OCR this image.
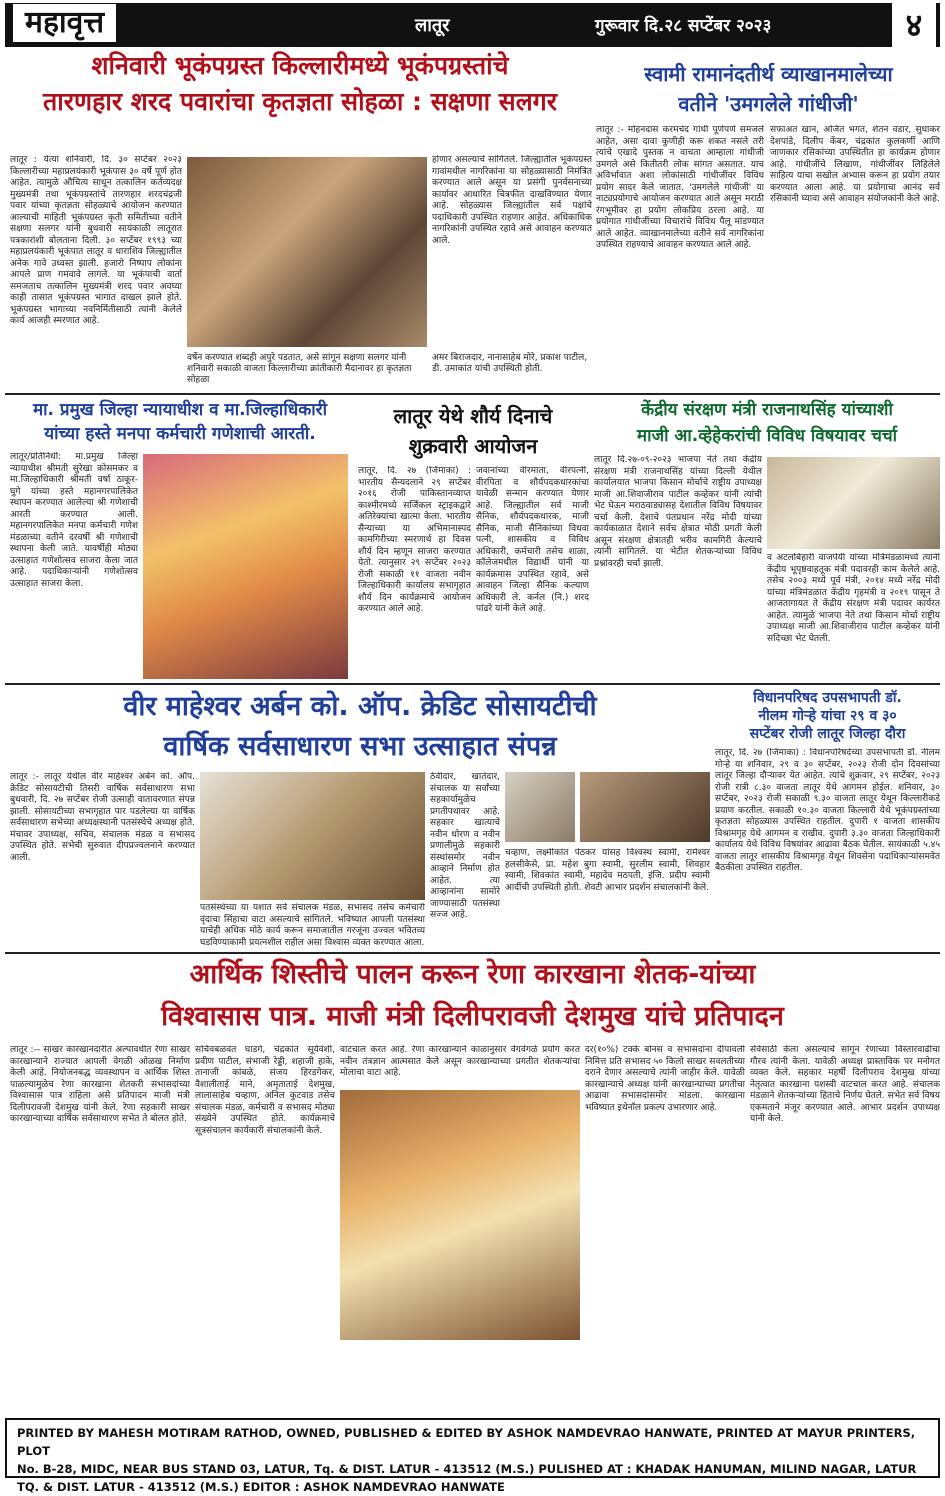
महावृत्त	लातूर	गुरूवार दि.२८ सप्टेंबर २०२३	४
शनिवारी भूकंपग्रस्त किल्लारीमध्ये भूकंपग्रस्तांचे
तारणहार शरद पवारांचा कृतज्ञता सोहळा : सक्षणा सलगर
लातूर : येत्या शनिवारी, दि. ३० सप्टेंबर २०२३ किल्लारीच्या महाप्रलयंकारी भूकंपास ३० वर्षे पूर्ण होत आहेत. त्यामुळे औचित्य साधून तत्कालिन कर्तव्यदक्ष मुख्यमंत्री तथा भूकंपग्रस्तांचे तारणहार शरदचंद्रजी पवार यांच्या कृतज्ञता सोहळ्याचे आयोजन करण्यात आल्याची माहिती भूकंपग्रस्त कृती समितीच्या वतीने सक्षणा सलगर यांनी बुधवारी सायंकाळी लातूरात पत्रकारांशी बोलताना दिली. ३० सप्टेंबर १९९३ च्या महाप्रलयंकारी भूकंपात लातूर व धाराशिव जिल्ह्यातील अनेक गावे उध्वस्त झाली. हजारो निष्पाप लोकांना आपले प्राण गमवावे लागले. या भूकंपाची वार्ता समजताच तत्कालिन मुख्यमंत्री शरद पवार अवघ्या काही तासात भूकंपग्रस्त भागात दाखल झाले होते. भूकंपग्रस्त भागाच्या नवनिर्मितीसाठी त्यांनी केलेले कार्य आजही स्मरणात आहे.
होणार असल्याचे सांगितले. जिल्ह्यातील भूकंपग्रस्त गावांमधील नागरिकांना या सोहळ्यासाठी निमंत्रित करण्यात आले असून या प्रसंगी पुनर्वसनाच्या कार्यावर आधारित चित्रफीत दाखविण्यात येणार आहे. सोहळ्यास जिल्ह्यातील सर्व पक्षांचे पदाधिकारी उपस्थित राहणार आहेत. अधिकाधिक नागरिकांनी उपस्थित रहावे असे आवाहन करण्यात आले.
वर्षेन करण्यात शब्दही अपुरे पडतात, असे सांगून सक्षणा सलगर यांनी शनिवारी सकाळी वाजता किल्लारीच्या क्रांतीकारी मैदानावर हा कृतज्ञता सोहळा
अमर बिराजदार, नानासाहेब मोरे, प्रकाश पाटील, डी. उमाकांत यांची उपस्थिती होती.
स्वामी रामानंदतीर्थ व्याखानमालेच्या
वतीने 'उमगलेले गांधीजी'
लातूर :- मोहनदास करमचंद गांधी पूर्णपणे समजले आहेत, असा दावा कुणीही करू शकत नसले तरी त्यांचे एखादे पुस्तक न वाचता आम्हाला गांधीजी उमगले असे कितीतरी लोक सांगत असतात. याच अविर्भावात अशा लोकांसाठी गांधीजींवर विविध प्रयोग सादर केले जातात. 'उमगलेले गांधीजी' या नाट्यप्रयोगाचे आयोजन करण्यात आले असून मराठी रंगभूमीवर हा प्रयोग लोकप्रिय ठरला आहे. या प्रयोगात गांधीजींच्या विचारांचे विविध पैलू मांडण्यात आले आहेत. व्याखानमालेच्या वतीने सर्व नागरिकांना उपस्थित राहण्याचे आवाहन करण्यात आले आहे.
सफाअत खान, अजित भगत, शेतन वडार, सुधाकर देशपांडे, दिलीप केंबर, चंद्रकांत कुलकर्णी आणि जाणकार रसिकांच्या उपस्थितीत हा कार्यक्रम होणार आहे. गांधीजींचे लिखाण, गांधीजींवर लिहिलेले साहित्य याचा सखोल अभ्यास करून हा प्रयोग तयार करण्यात आला आहे. या प्रयोगाचा आनंद सर्व रसिकांनी घ्यावा असे आवाहन संयोजकांनी केले आहे.
मा. प्रमुख जिल्हा न्यायाधीश व मा.जिल्हाधिकारी
यांच्या हस्ते मनपा कर्मचारी गणेशाची आरती.
लातूर/प्रतिनिधी: मा.प्रमुख जिल्हा न्यायाधीश श्रीमती सुरेखा कोसमकर व मा.जिल्हाधिकारी श्रीमती वर्षा ठाकूर-घुगे यांच्या हस्ते महानगरपालिकेत स्थापन करण्यात आलेल्या श्री गणेशाची आरती करण्यात आली. महानगरपालिकेत मनपा कर्मचारी गणेश मंडळाच्या वतीने दरवर्षी श्री गणेशाची स्थापना केली जाते. यावर्षीही मोठ्या उत्साहात गणेशोत्सव साजरा केला जात आहे. पदाधिकाऱ्यांनी गणेशोत्सव उत्साहात साजरा केला.
लातूर येथे शौर्य दिनाचे
शुक्रवारी आयोजन
लातूर, दि. २७ (जिमाका) : भारतीय सैन्यदलाने २९ सप्टेंबर २०१६ रोजी पाकिस्तानव्याप्त काश्मीरमध्ये सर्जिकल स्ट्राइकद्वारे अतिरेक्यांचा खात्मा केला. भारतीय सैन्याच्या या अभिमानास्पद कामगिरीच्या स्मरणार्थ हा दिवस शौर्य दिन म्हणून साजरा करण्यात येतो. त्यानुसार २९ सप्टेंबर २०२३ रोजी सकाळी ११ वाजता नवीन जिल्हाधिकारी कार्यालय सभागृहात शौर्य दिन कार्यक्रमाचे आयोजन करण्यात आले आहे.
जवानांच्या वीरमाता, वीरपत्नी, वीरपिता व शौर्यपदकधारकांचा यावेळी सन्मान करण्यात येणार आहे. जिल्ह्यातील सर्व माजी सैनिक, शौर्यपदकधारक, माजी सैनिक, माजी सैनिकांच्या विधवा पत्नी, शासकीय व विविध अधिकारी, कर्मचारी तसेच शाळा, कॉलेजमधील विद्यार्थी यांनी या कार्यक्रमास उपस्थित रहावे, असे आवाहन जिल्हा सैनिक कल्याण अधिकारी ले. कर्नल (नि.) शरद पांढरे यांनी केले आहे.
केंद्रीय संरक्षण मंत्री राजनाथसिंह यांच्याशी
माजी आ.व्हेहेकरांची विविध विषयावर चर्चा
लातूर दि.२७-०९-२०२३ भाजपा नेते तथा केंद्रीय संरक्षण मंत्री राजनाथसिंह यांच्या दिल्ली येथील कार्यालयात भाजपा किसान मोर्चाचे राष्ट्रीय उपाध्यक्ष माजी आ.शिवाजीराव पाटील कव्हेकर यांनी त्यांची भेट घेऊन मराठवाड्यासह देशातील विविध विषयावर चर्चा केली. देशाचे पंतप्रधान नरेंद्र मोदी यांच्या कार्यकाळात देशाने सर्वच क्षेत्रात मोठी प्रगती केली असून संरक्षण क्षेत्रातही भरीव कामगिरी केल्याचे त्यांनी सांगितले. या भेटीत शेतकऱ्यांच्या विविध प्रश्नांवरही चर्चा झाली.
व अटलबिहारी वाजपेयी यांच्या मंत्रिमंडळामध्ये त्यांनी केंद्रीय भूपृष्ठवाहतूक मंत्री पदावरही काम केलेले आहे. तसेच २००३ मध्ये पूर्व मंत्री, २०१४ मध्ये नरेंद्र मोदी यांच्या मंत्रिमंडळात केंद्रीय गृहमंत्री व २०१९ पासून ते आजतागायत ते केंद्रीय संरक्षण मंत्री पदावर कार्यरत आहेत. त्यामुळे भाजपा नेते तथा किसान मोर्चा राष्ट्रीय उपाध्यक्ष माजी आ.शिवाजीराव पाटील कव्हेकर यांनी सदिच्छा भेट घेतली.
वीर माहेश्वर अर्बन को. ऑप. क्रेडिट सोसायटीची
वार्षिक सर्वसाधारण सभा उत्साहात संपन्न
लातूर :- लातूर येथील वीर माहेश्वर अर्बन को. ऑप. क्रेडिट सोसायटीची तिसरी वार्षिक सर्वसाधारण सभा बुधवारी, दि. २७ सप्टेंबर रोजी उत्साही वातावरणात संपन्न झाली. सोसायटीच्या सभागृहात पार पडलेल्या या वार्षिक सर्वसाधारण सभेच्या अध्यक्षस्थानी पतसंस्थेचे अध्यक्ष होते. मंचावर उपाध्यक्ष, सचिव, संचालक मंडळ व सभासद उपस्थित होते. सभेची सुरुवात दीपप्रज्वलनाने करण्यात आली.
पतसंस्थेच्या या यशात सर्व संचालक मंडळ, सभासद तसेच कर्मचारी वृंदाचा सिंहाचा वाटा असल्याचे सांगितले. भविष्यात आपली पतसंस्था याचेही अधिक मोठे कार्य करून समाजातील गरजूंना उज्वल भवितव्य घडविण्याकामी प्रयत्नशील राहील असा विश्वास व्यक्त करण्यात आला.
ठेवीदार, खातेदार, संचालक या सर्वांच्या सहकार्यामुळेच प्रगतीपथावर आहे. सहकार खात्याचे नवीन धोरण व नवीन प्रणालीमुळे सहकारी संस्थांसमोर नवीन आव्हाने निर्माण होत आहेत. त्या आव्हानांना सामोरे जाण्यासाठी पतसंस्था सज्ज आहे.
चव्हाण, लक्ष्मीकांत पेठकर यांसह विश्वस्थ स्वामी, रामेश्वर हलसीकेसे, प्रा. महेश बुगा स्वामी, सुरलीम स्वामी, शिवहार स्वामी, शिवकांत स्वामी, महादेव मठपती, इंजि. प्रदीप स्वामी आदींची उपस्थिती होती. शेवटी आभार प्रदर्शन संचालकांनी केले.
विधानपरिषद उपसभापती डॉ.
नीलम गोऱ्हे यांचा २९ व ३०
सप्टेंबर रोजी लातूर जिल्हा दौरा
लातूर, दि. २७ (जिमाका) : विधानपरिषदेच्या उपसभापती डॉ. नीलम गोऱ्हे या शनिवार, २९ व ३० सप्टेंबर, २०२३ रोजी दोन दिवसांच्या लातूर जिल्हा दौऱ्यावर येत आहेत. त्यांचे शुक्रवार, २९ सप्टेंबर, २०२३ रोजी रात्री ८.३० वाजता लातूर येथे आगमन होईल. शनिवार, ३० सप्टेंबर, २०२३ रोजी सकाळी ९.३० वाजता लातूर येथून किल्लारीकडे प्रयाण करतील. सकाळी १०.३० वाजता किल्लारी येथे भूकंपग्रस्तांच्या कृतज्ञता सोहळ्यास उपस्थित राहतील. दुपारी १ वाजता शासकीय विश्रामगृह येथे आगमन व राखीव. दुपारी ३.३० वाजता जिल्हाधिकारी कार्यालय येथे विविध विषयांवर आढावा बैठक घेतील. सायंकाळी ५.४५ वाजता लातूर शासकीय विश्रामगृह येथून शिवसेना पदाधिकाऱ्यांसमवेत बैठकीला उपस्थित राहतील.
आर्थिक शिस्तीचे पालन करून रेणा कारखाना शेतक-यांच्या
विश्वासास पात्र. माजी मंत्री दिलीपरावजी देशमुख यांचे प्रतिपादन
लातूर :-- साखर कारखानदारीत अल्पावधीत रेणा साखर कारखान्याने राज्यात आपली वेगळी ओळख निर्माण केली आहे. नियोजनबद्ध व्यवस्थापन व आर्थिक शिस्त पाळल्यामुळेच रेणा कारखाना शेतकरी सभासदांच्या विश्वासास पात्र राहिला असे प्रतिपादन माजी मंत्री दिलीपरावजी देशमुख यांनी केले. रेणा सहकारी साखर कारखान्याच्या वार्षिक सर्वसाधारण सभेत ते बोलत होते.
सचिवबळवंत घाडगे, चंद्रकांत सूर्यवंशी, प्रवीण पाटील, संभाजी रेड्डी, शहाजी हाके, तानाजी कांबळे, संजय हिरडगेकर, वैशालीताई माने, अमृताताई देशमुख, लालासाहेब चव्हाण, अनिल कुटवाड तसेच संचालक मंडळ, कर्मचारी व सभासद मोठ्या संख्येने उपस्थित होते. कार्यक्रमाचे सूत्रसंचालन कार्यकारी संचालकांनी केले.
वाटचाल करत आहे. रेणा कारखान्याने काळानुसार वेगवेगळे प्रयोग करत नवीन तंत्रज्ञान आत्मसात केले असून कारखान्याच्या प्रगतीत शेतकऱ्यांचा मोलाचा वाटा आहे.
दर(१०%) टक्के बोनस व सभासदांना दीपावली निमित्त प्रति सभासद ५० किलो साखर सवलतीच्या दराने देणार असल्याचे त्यांनी जाहीर केले. यावेळी कारखान्याचे अध्यक्ष यांनी कारखान्याच्या प्रगतीचा आढावा सभासदांसमोर मांडला. कारखाना भविष्यात इथेनॉल प्रकल्प उभारणार आहे.
सेवेसाठी केला असल्याचे सांगून रेणाच्या विस्तारवाढीचा गौरव त्यांनी केला. यावेळी अध्यक्ष प्रास्ताविक पर मनोगत व्यक्त केले. सहकार महर्षी दिलीपराव देशमुख यांच्या नेतृत्वात कारखाना यशस्वी वाटचाल करत आहे. संचालक मंडळाने शेतकऱ्यांच्या हिताचे निर्णय घेतले. सभेत सर्व विषय एकमताने मंजूर करण्यात आले. आभार प्रदर्शन उपाध्यक्ष यांनी केले.
PRINTED BY MAHESH MOTIRAM RATHOD, OWNED, PUBLISHED & EDITED BY ASHOK NAMDEVRAO HANWATE, PRINTED AT MAYUR PRINTERS, PLOT
No. B-28, MIDC, NEAR BUS STAND 03, LATUR, Tq. & DIST. LATUR - 413512 (M.S.) PULISHED AT : KHADAK HANUMAN, MILIND NAGAR, LATUR
TQ. & DIST. LATUR - 413512 (M.S.) EDITOR : ASHOK NAMDEVRAO HANWATE
